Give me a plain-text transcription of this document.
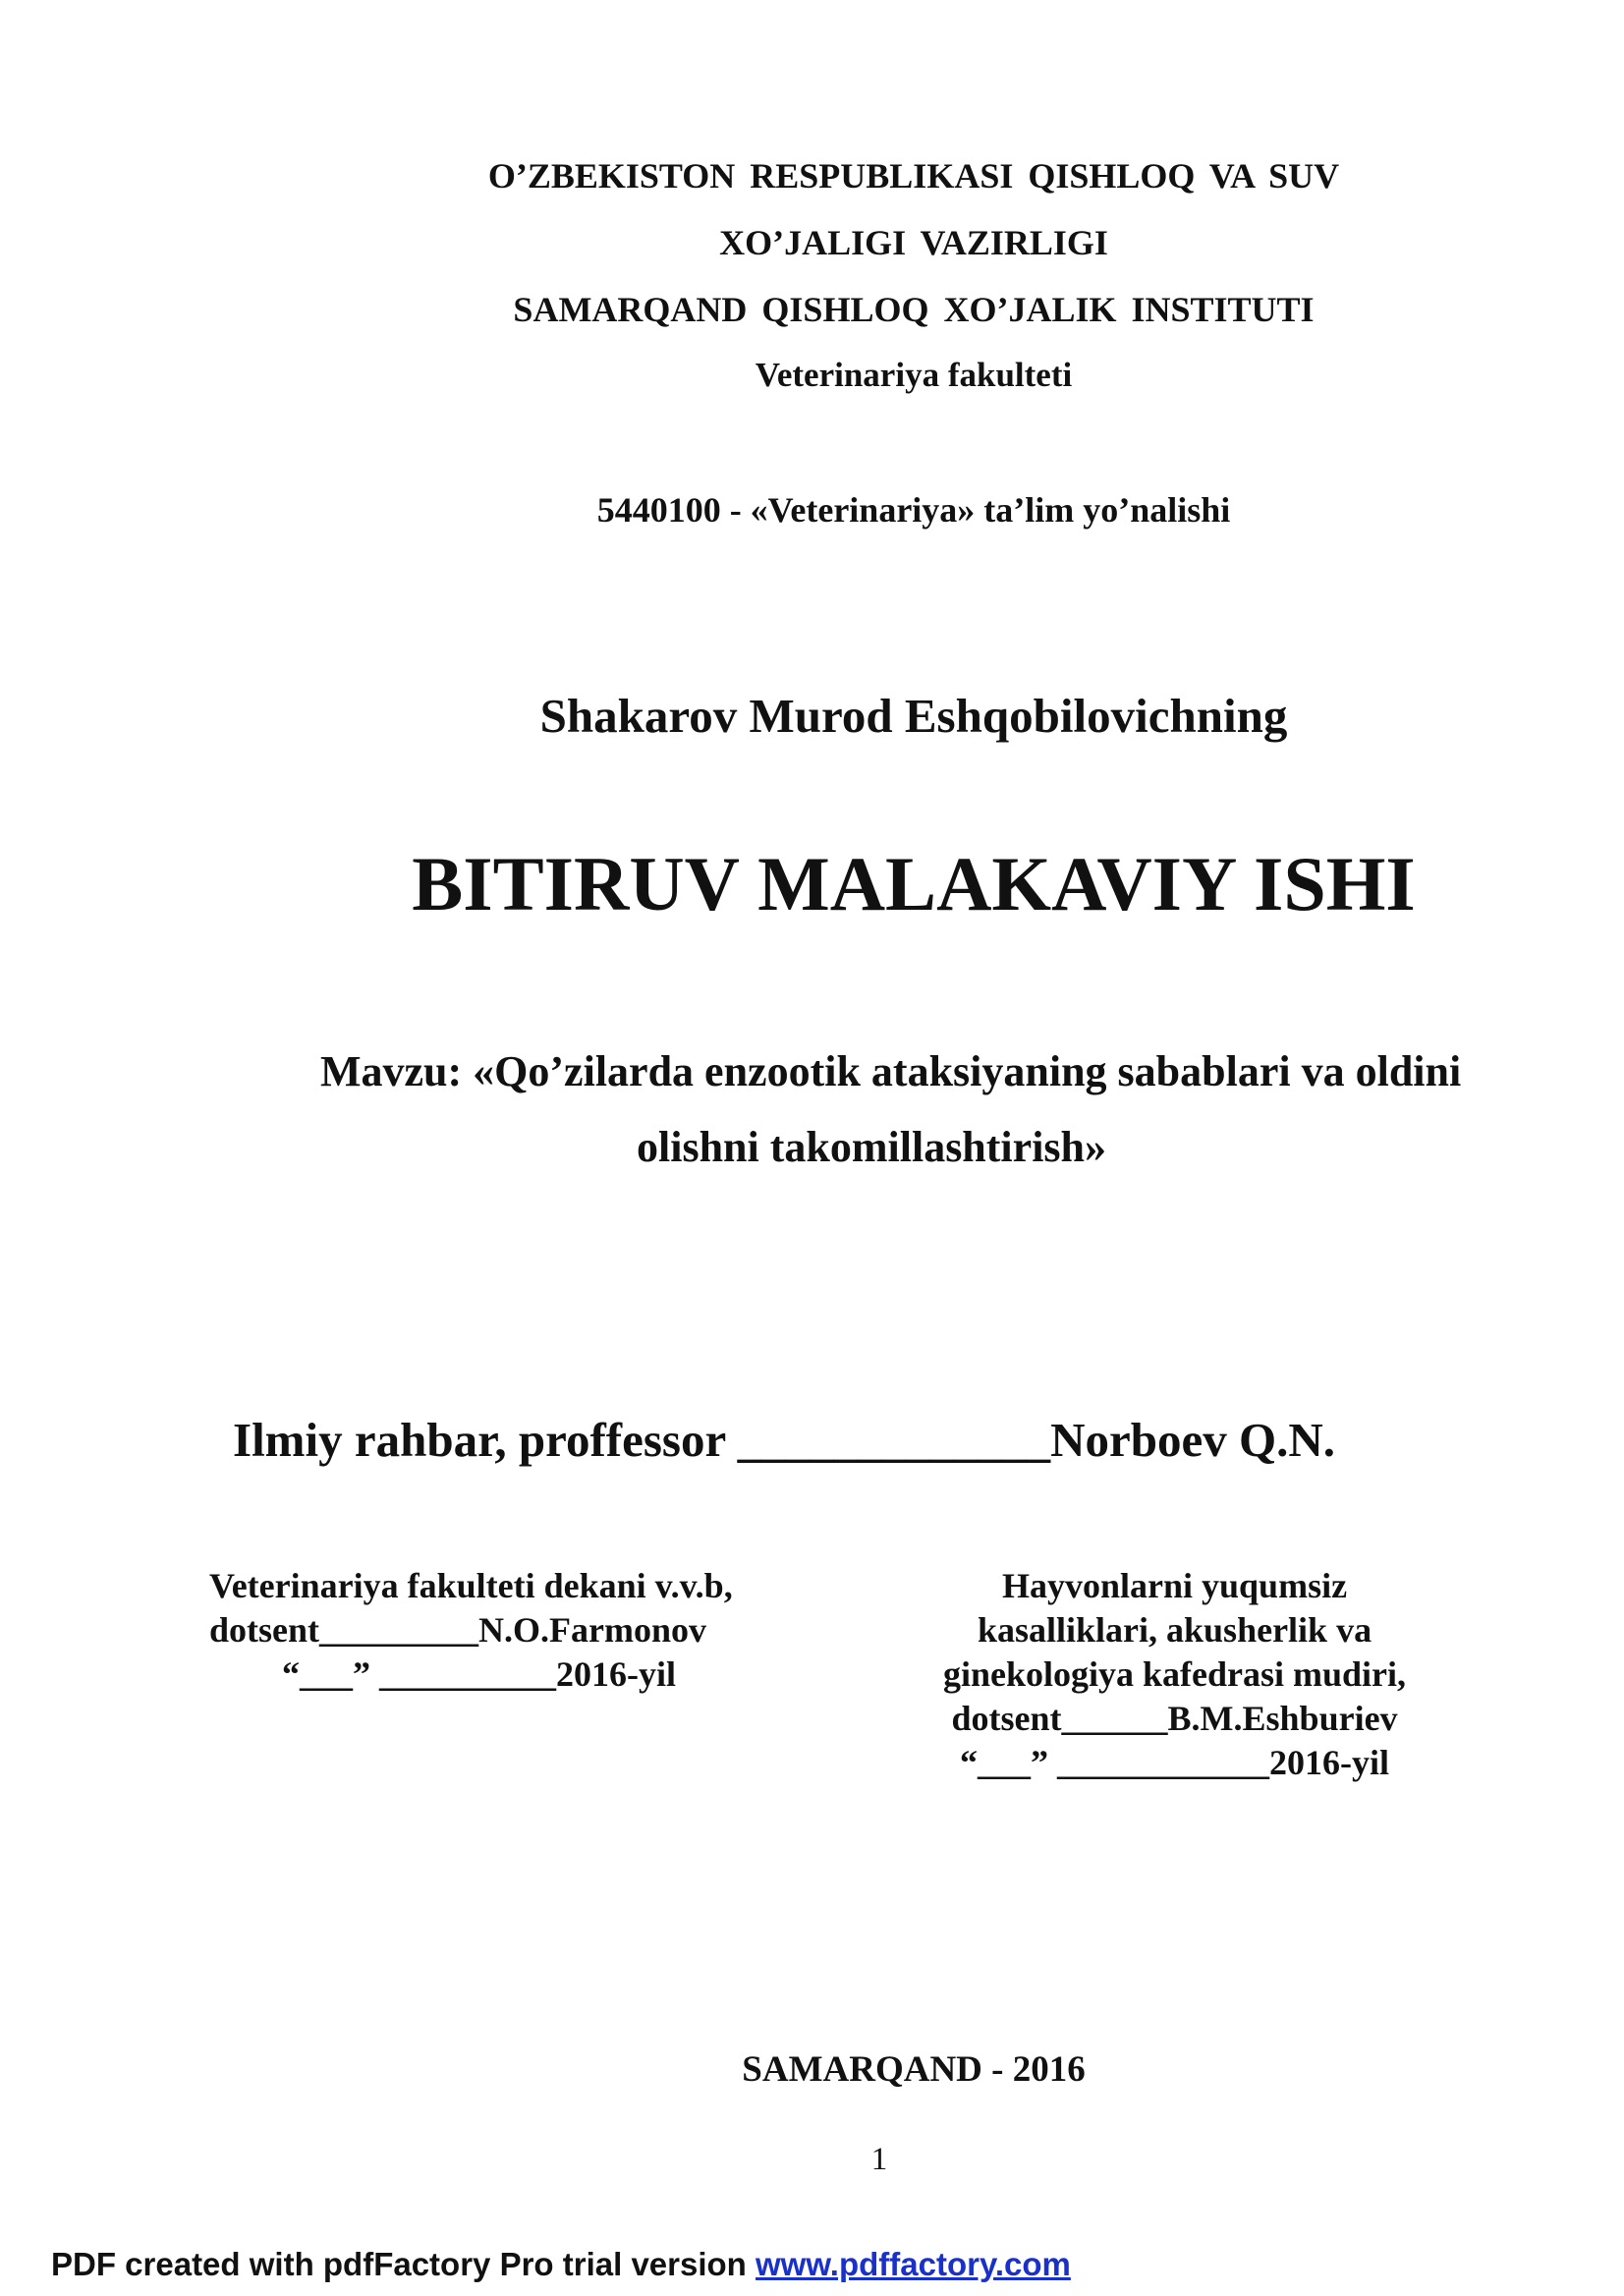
O’ZBEKISTON RESPUBLIKASI QISHLOQ VA SUV
XO’JALIGI VAZIRLIGI
SAMARQAND QISHLOQ XO’JALIK INSTITUTI
Veterinariya fakulteti
5440100 - «Veterinariya» ta’lim yo’nalishi
Shakarov Murod Eshqobilovichning
BITIRUV MALAKAVIY ISHI
Mavzu: «Qo’zilarda enzootik ataksiyaning sabablari va oldini
olishni takomillashtirish»
Ilmiy rahbar, proffessor _____________Norboev Q.N.
Veterinariya fakulteti dekani v.v.b,
dotsent_________N.O.Farmonov
“___” __________2016-yil
Hayvonlarni yuqumsiz
kasalliklari, akusherlik va
ginekologiya kafedrasi mudiri,
dotsent______B.M.Eshburiev
“___” ____________2016-yil
SAMARQAND - 2016
1
PDF created with pdfFactory Pro trial version www.pdffactory.com
